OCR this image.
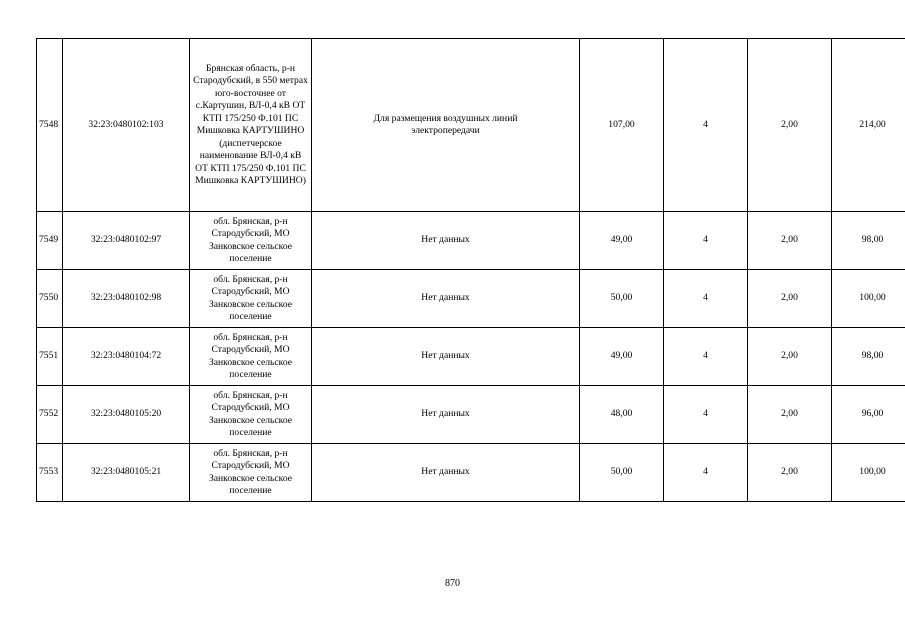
7548	32:23:0480102:103	Брянская область, р-н Стародубский, в 550 метрах юго-восточнее от с.Картушин, ВЛ-0,4 кВ ОТ КТП 175/250 Ф.101 ПС Мишковка КАРТУШИНО (диспетчерское наименование ВЛ-0,4 кВ ОТ КТП 175/250 Ф.101 ПС Мишковка КАРТУШИНО)	Для размещения воздушных линий электропередачи	107,00	4	2,00	214,00
7549	32:23:0480102:97	обл. Брянская, р-н Стародубский, МО Занковское сельское поселение	Нет данных	49,00	4	2,00	98,00
7550	32:23:0480102:98	обл. Брянская, р-н Стародубский, МО Занковское сельское поселение	Нет данных	50,00	4	2,00	100,00
7551	32:23:0480104:72	обл. Брянская, р-н Стародубский, МО Занковское сельское поселение	Нет данных	49,00	4	2,00	98,00
7552	32:23:0480105:20	обл. Брянская, р-н Стародубский, МО Занковское сельское поселение	Нет данных	48,00	4	2,00	96,00
7553	32:23:0480105:21	обл. Брянская, р-н Стародубский, МО Занковское сельское поселение	Нет данных	50,00	4	2,00	100,00
870
